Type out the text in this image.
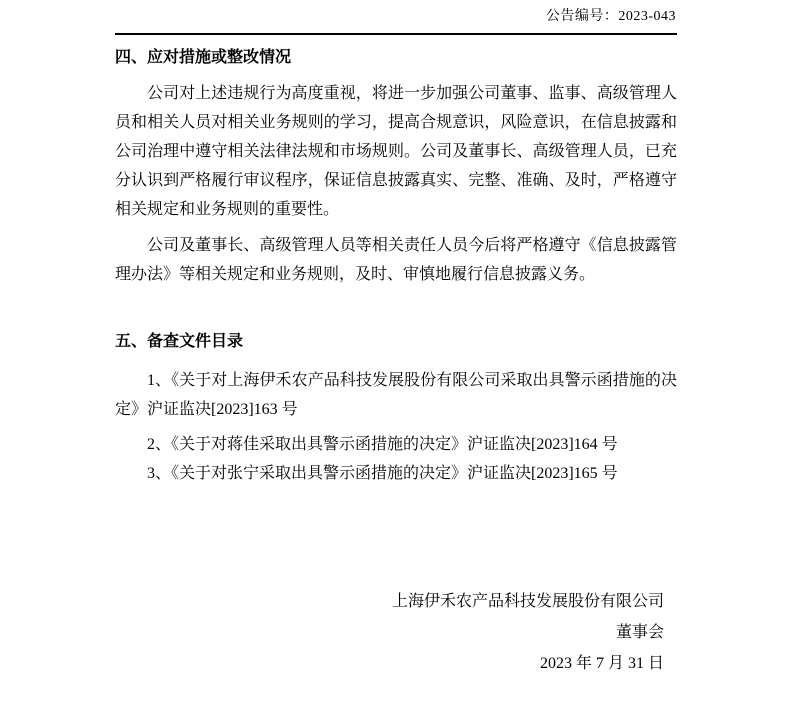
公告编号：2023-043
四、应对措施或整改情况

公司对上述违规行为高度重视，将进一步加强公司董事、监事、高级管理人员和相关人员对相关业务规则的学习，提高合规意识，风险意识，在信息披露和公司治理中遵守相关法律法规和市场规则。公司及董事长、高级管理人员，已充分认识到严格履行审议程序，保证信息披露真实、完整、准确、及时，严格遵守相关规定和业务规则的重要性。

公司及董事长、高级管理人员等相关责任人员今后将严格遵守《信息披露管理办法》等相关规定和业务规则，及时、审慎地履行信息披露义务。

五、备查文件目录

1、《关于对上海伊禾农产品科技发展股份有限公司采取出具警示函措施的决定》沪证监决[2023]163 号

2、《关于对蒋佳采取出具警示函措施的决定》沪证监决[2023]164 号

3、《关于对张宁采取出具警示函措施的决定》沪证监决[2023]165 号

上海伊禾农产品科技发展股份有限公司
董事会
2023 年 7 月 31 日
